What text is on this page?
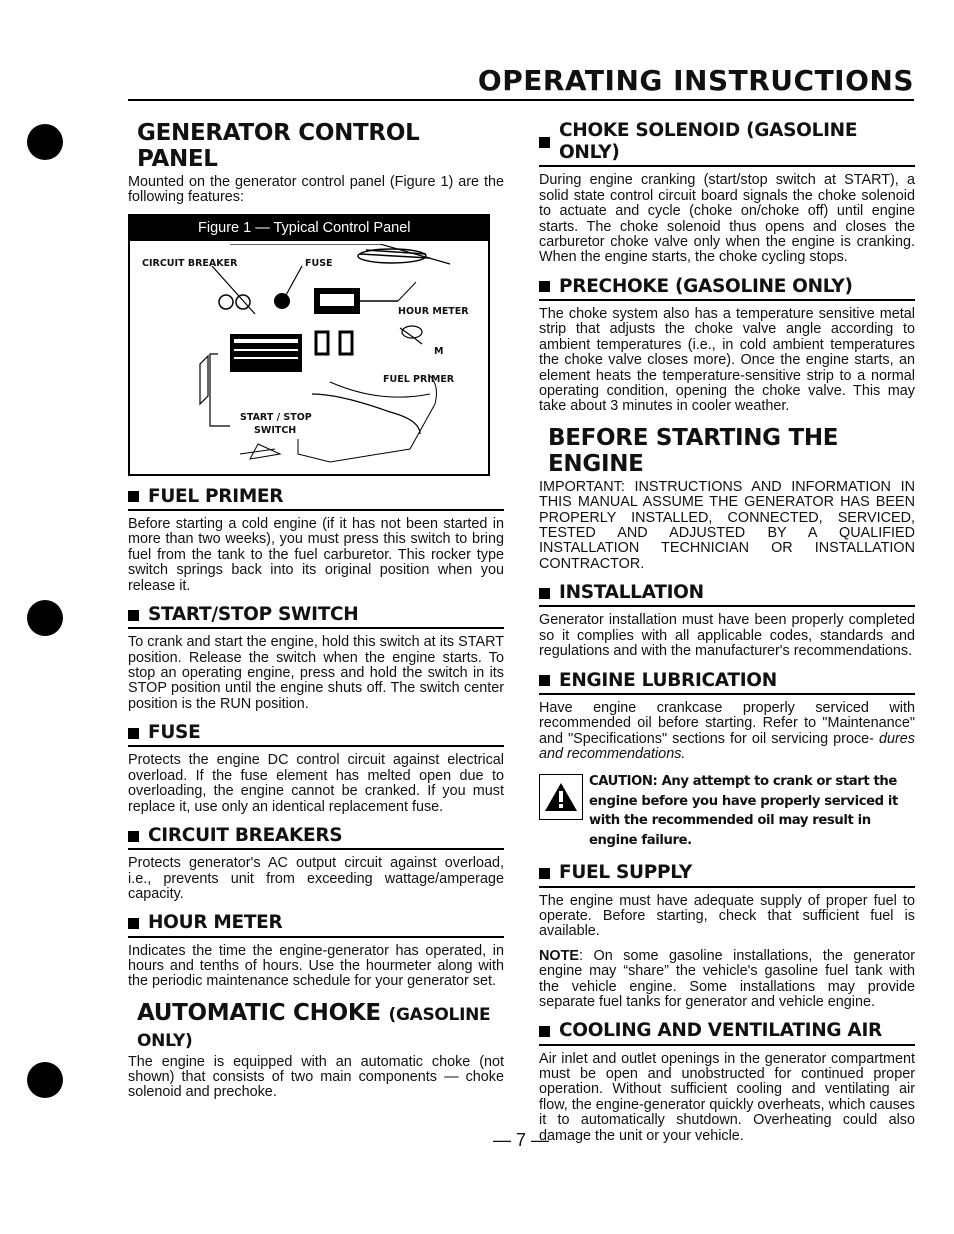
OPERATING INSTRUCTIONS
GENERATOR CONTROL PANEL

Mounted on the generator control panel (Figure 1) are the following features:

Figure 1 — Typical Control Panel
CIRCUIT BREAKER	FUSE
HOUR METER
M
FUEL PRIMER
START / STOP
SWITCH
FUEL PRIMER

Before starting a cold engine (if it has not been started in more than two weeks), you must press this switch to bring fuel from the tank to the fuel carburetor. This rocker type switch springs back into its original position when you release it.

START/STOP SWITCH

To crank and start the engine, hold this switch at its START position. Release the switch when the engine starts. To stop an operating engine, press and hold the switch in its STOP position until the engine shuts off. The switch center position is the RUN position.

FUSE

Protects the engine DC control circuit against electrical overload. If the fuse element has melted open due to overloading, the engine cannot be cranked. If you must replace it, use only an identical replacement fuse.

CIRCUIT BREAKERS

Protects generator's AC output circuit against overload, i.e., prevents unit from exceeding wattage/amperage capacity.

HOUR METER

Indicates the time the engine-generator has operated, in hours and tenths of hours. Use the hourmeter along with the periodic maintenance schedule for your generator set.

AUTOMATIC CHOKE (GASOLINE ONLY)

The engine is equipped with an automatic choke (not shown) that consists of two main components — choke solenoid and prechoke.

CHOKE SOLENOID (GASOLINE ONLY)

During engine cranking (start/stop switch at START), a solid state control circuit board signals the choke solenoid to actuate and cycle (choke on/choke off) until engine starts. The choke solenoid thus opens and closes the carburetor choke valve only when the engine is cranking. When the engine starts, the choke cycling stops.

PRECHOKE (GASOLINE ONLY)

The choke system also has a temperature sensitive metal strip that adjusts the choke valve angle according to ambient temperatures (i.e., in cold ambient temperatures the choke valve closes more). Once the engine starts, an element heats the temperature-sensitive strip to a normal operating condition, opening the choke valve. This may take about 3 minutes in cooler weather.

BEFORE STARTING THE ENGINE

IMPORTANT: INSTRUCTIONS AND INFORMATION IN THIS MANUAL ASSUME THE GENERATOR HAS BEEN PROPERLY INSTALLED, CONNECTED, SERVICED, TESTED AND ADJUSTED BY A QUALIFIED INSTALLATION TECHNICIAN OR INSTALLATION CONTRACTOR.

INSTALLATION

Generator installation must have been properly completed so it complies with all applicable codes, standards and regulations and with the manufacturer's recommendations.

ENGINE LUBRICATION

Have engine crankcase properly serviced with recommended oil before starting. Refer to "Maintenance" and "Specifications" sections for oil servicing proce- dures and recommendations.

CAUTION: Any attempt to crank or start the engine before you have properly serviced it with the recommended oil may result in engine failure.
FUEL SUPPLY

The engine must have adequate supply of proper fuel to operate. Before starting, check that sufficient fuel is available.

NOTE: On some gasoline installations, the generator engine may “share” the vehicle's gasoline fuel tank with the vehicle engine. Some installations may provide separate fuel tanks for generator and vehicle engine.

COOLING AND VENTILATING AIR

Air inlet and outlet openings in the generator compartment must be open and unobstructed for continued proper operation. Without sufficient cooling and ventilating air flow, the engine-generator quickly overheats, which causes it to automatically shutdown. Overheating could also damage the unit or your vehicle.

— 7 —
